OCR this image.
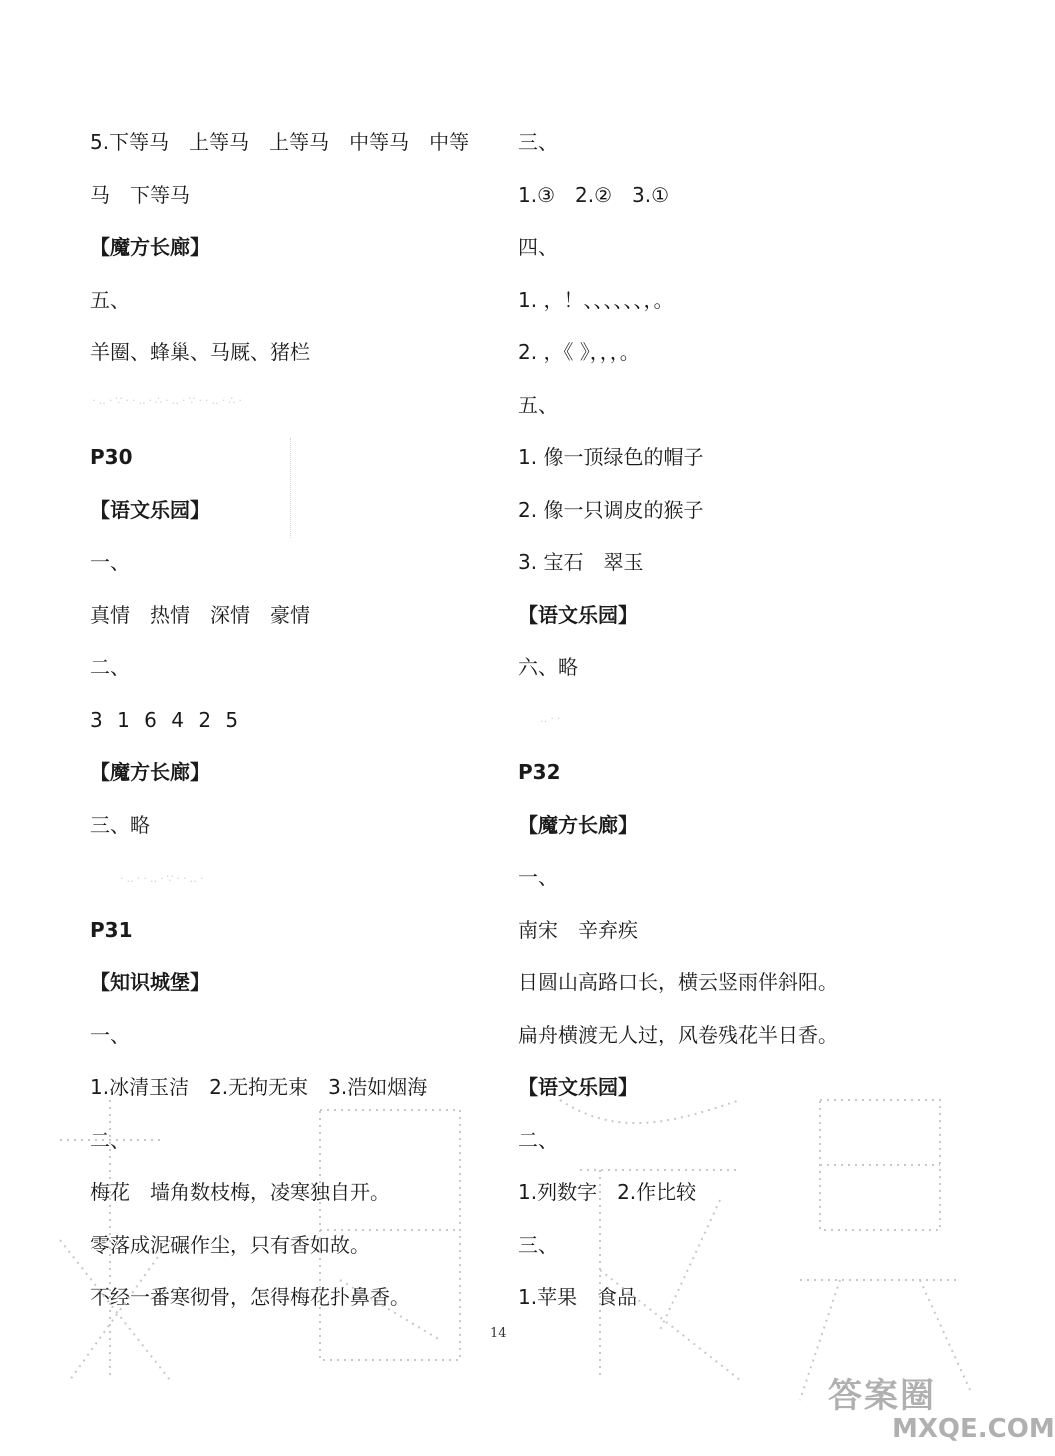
5.下等马　上等马　上等马　中等马　中等
马　下等马
【魔方长廊】
五、
羊圈、蜂巢、马厩、猪栏
P30
【语文乐园】
一、
真情　热情　深情　豪情
二、
3 1 6 4 2 5
【魔方长廊】
三、略
P31
【知识城堡】
一、
1.冰清玉洁　2.无拘无束　3.浩如烟海
二、
梅花　墙角数枝梅，凌寒独自开。
零落成泥碾作尘，只有香如故。
不经一番寒彻骨，怎得梅花扑鼻香。
三、
1.③　2.②　3.①
四、
1. ，！、、、、、、，。
2. ，《 》，，，。
五、
1. 像一顶绿色的帽子
2. 像一只调皮的猴子
3. 宝石　翠玉
【语文乐园】
六、略
P32
【魔方长廊】
一、
南宋　辛弃疾
日圆山高路口长，横云竖雨伴斜阳。
扁舟横渡无人过，风卷残花半日香。
【语文乐园】
二、
1.列数字　2.作比较
三、
1.苹果　食品
·‥·∵··‥·∴·‥·∵··‥·∴·
‥··
·‥··‥·∵··‥·
14
答案圈
MXQE.COM
